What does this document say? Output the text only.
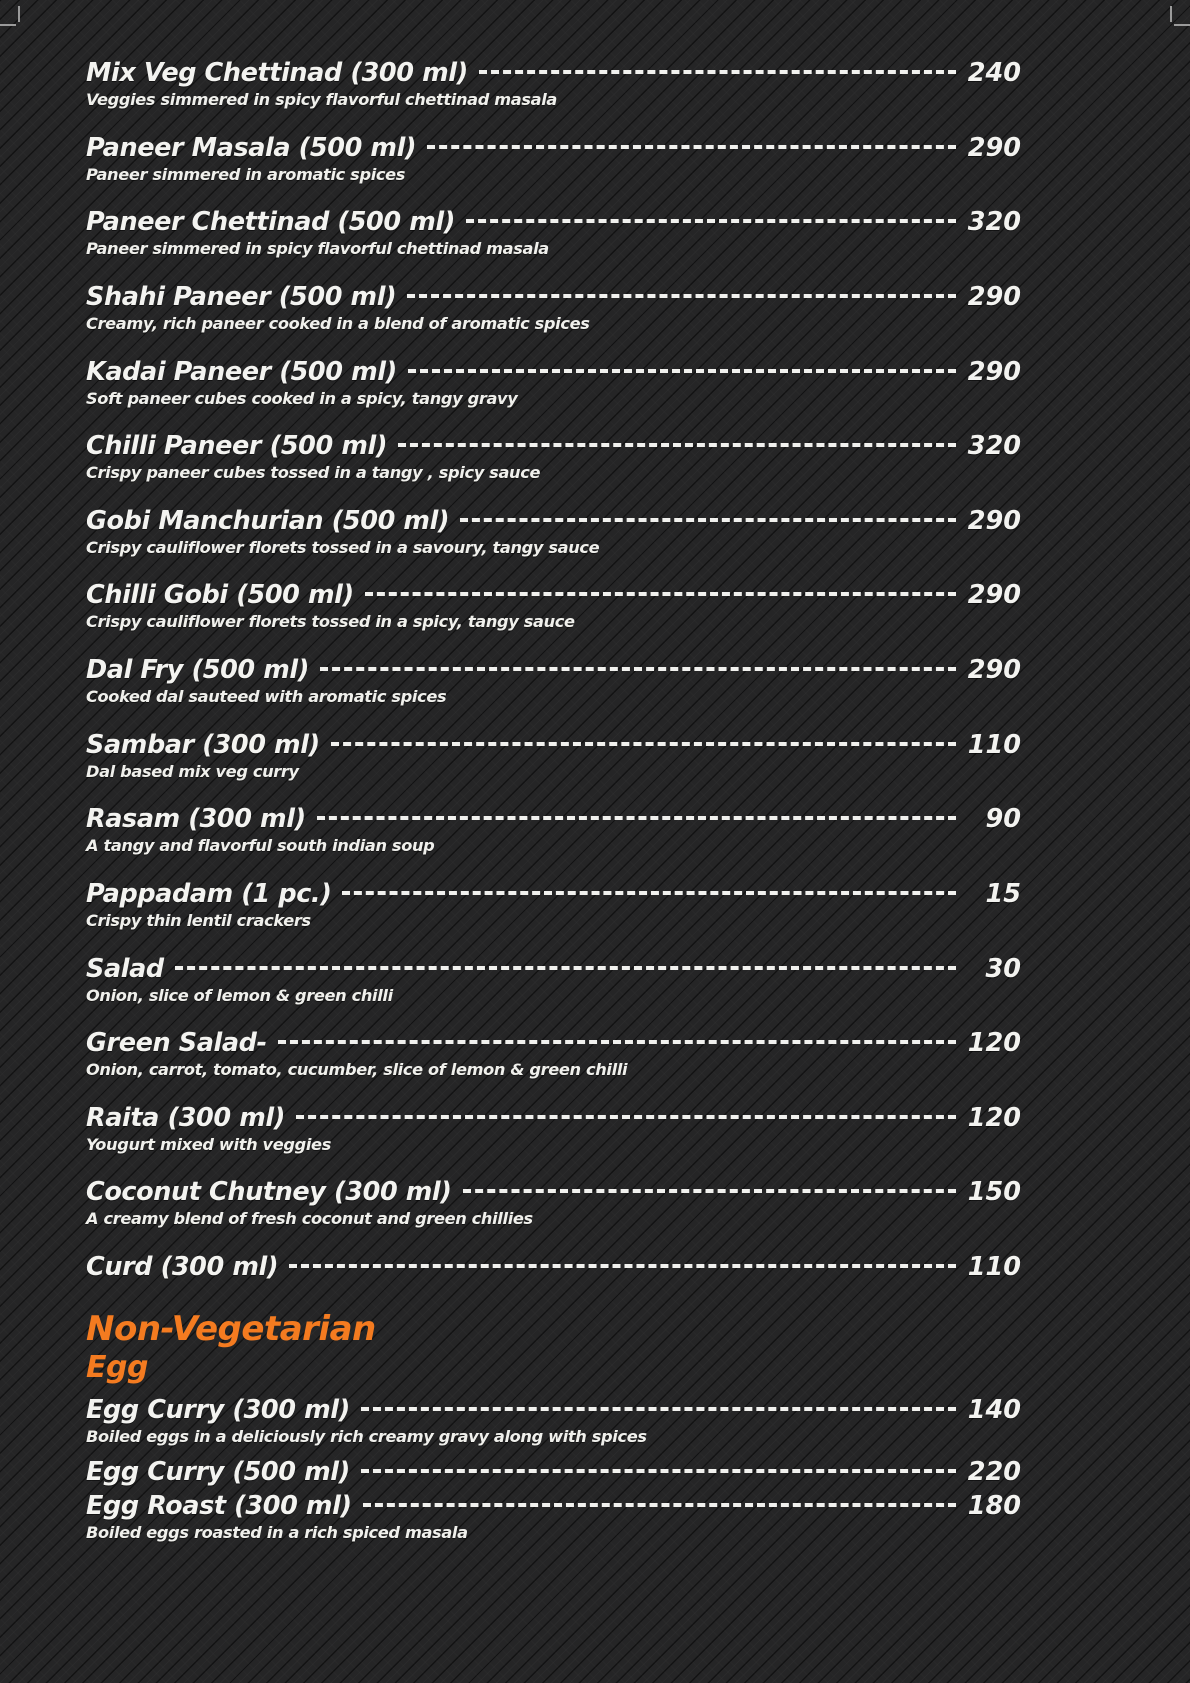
Mix Veg Chettinad (300 ml)	240
Veggies simmered in spicy flavorful chettinad masala
Paneer Masala (500 ml)	290
Paneer simmered in aromatic spices
Paneer Chettinad (500 ml)	320
Paneer simmered in spicy flavorful chettinad masala
Shahi Paneer (500 ml)	290
Creamy, rich paneer cooked in a blend of aromatic spices
Kadai Paneer (500 ml)	290
Soft paneer cubes cooked in a spicy, tangy gravy
Chilli Paneer (500 ml)	320
Crispy paneer cubes tossed in a tangy , spicy sauce
Gobi Manchurian (500 ml)	290
Crispy cauliflower florets tossed in a savoury, tangy sauce
Chilli Gobi (500 ml)	290
Crispy cauliflower florets tossed in a spicy, tangy sauce
Dal Fry (500 ml)	290
Cooked dal sauteed with aromatic spices
Sambar (300 ml)	110
Dal based mix veg curry
Rasam (300 ml)	90
A tangy and flavorful south indian soup
Pappadam (1 pc.)	15
Crispy thin lentil crackers
Salad	30
Onion, slice of lemon & green chilli
Green Salad-	120
Onion, carrot, tomato, cucumber, slice of lemon & green chilli
Raita (300 ml)	120
Yougurt mixed with veggies
Coconut Chutney (300 ml)	150
A creamy blend of fresh coconut and green chillies
Curd (300 ml)	110
Non-Vegetarian
Egg
Egg Curry (300 ml)	140
Boiled eggs in a deliciously rich creamy gravy along with spices
Egg Curry (500 ml)	220
Egg Roast (300 ml)	180
Boiled eggs roasted in a rich spiced masala
